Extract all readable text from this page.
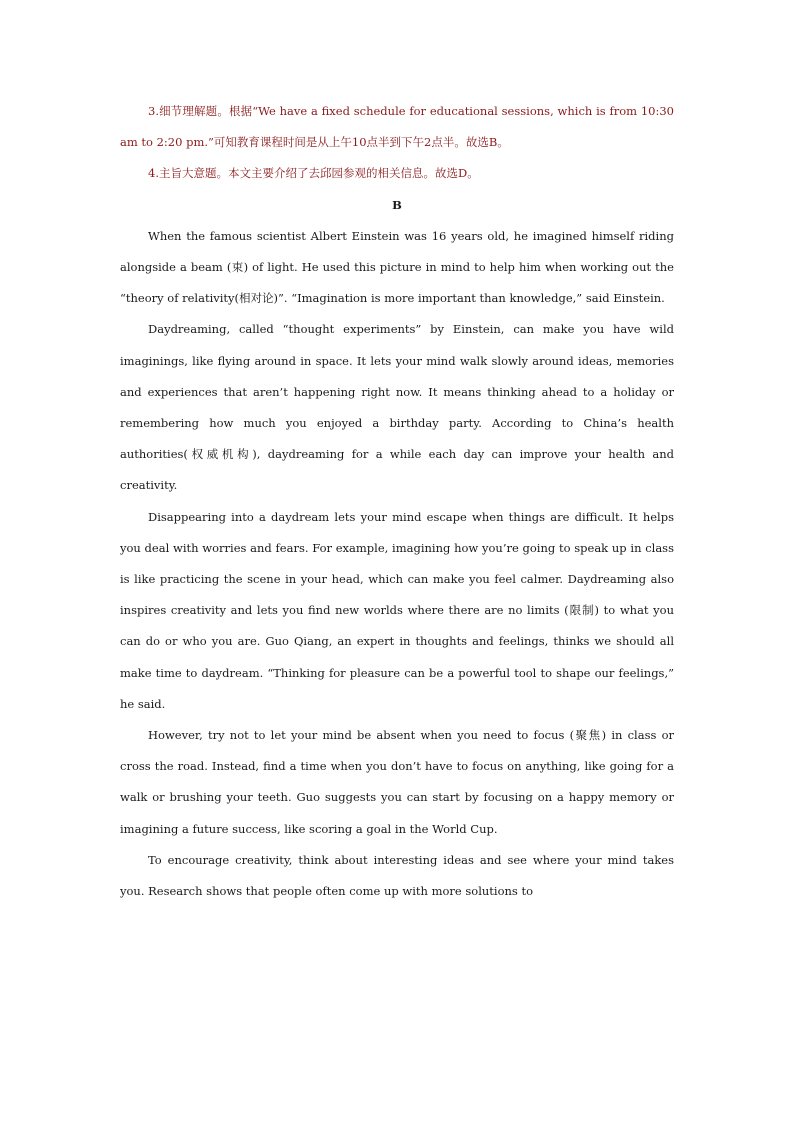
3.细节理解题。根据“We have a fixed schedule for educational sessions, which is from 10:30 am to 2:20 pm.”可知教育课程时间是从上午10点半到下午2点半。故选B。

4.主旨大意题。本文主要介绍了去邱园参观的相关信息。故选D。

B

When the famous scientist Albert Einstein was 16 years old, he imagined himself riding alongside a beam (束) of light. He used this picture in mind to help him when working out the “theory of relativity(相对论)”. “Imagination is more important than knowledge,” said Einstein.

Daydreaming, called “thought experiments” by Einstein, can make you have wild imaginings, like flying around in space. It lets your mind walk slowly around ideas, memories and experiences that aren’t happening right now. It means thinking ahead to a holiday or remembering how much you enjoyed a birthday party. According to China’s health authorities(权威机构), daydreaming for a while each day can improve your health and creativity.

Disappearing into a daydream lets your mind escape when things are difficult. It helps you deal with worries and fears. For example, imagining how you’re going to speak up in class is like practicing the scene in your head, which can make you feel calmer. Daydreaming also inspires creativity and lets you find new worlds where there are no limits (限制) to what you can do or who you are. Guo Qiang, an expert in thoughts and feelings, thinks we should all make time to daydream. “Thinking for pleasure can be a powerful tool to shape our feelings,” he said.

However, try not to let your mind be absent when you need to focus (聚焦) in class or cross the road. Instead, find a time when you don’t have to focus on anything, like going for a walk or brushing your teeth. Guo suggests you can start by focusing on a happy memory or imagining a future success, like scoring a goal in the World Cup.

To encourage creativity, think about interesting ideas and see where your mind takes you. Research shows that people often come up with more solutions to
